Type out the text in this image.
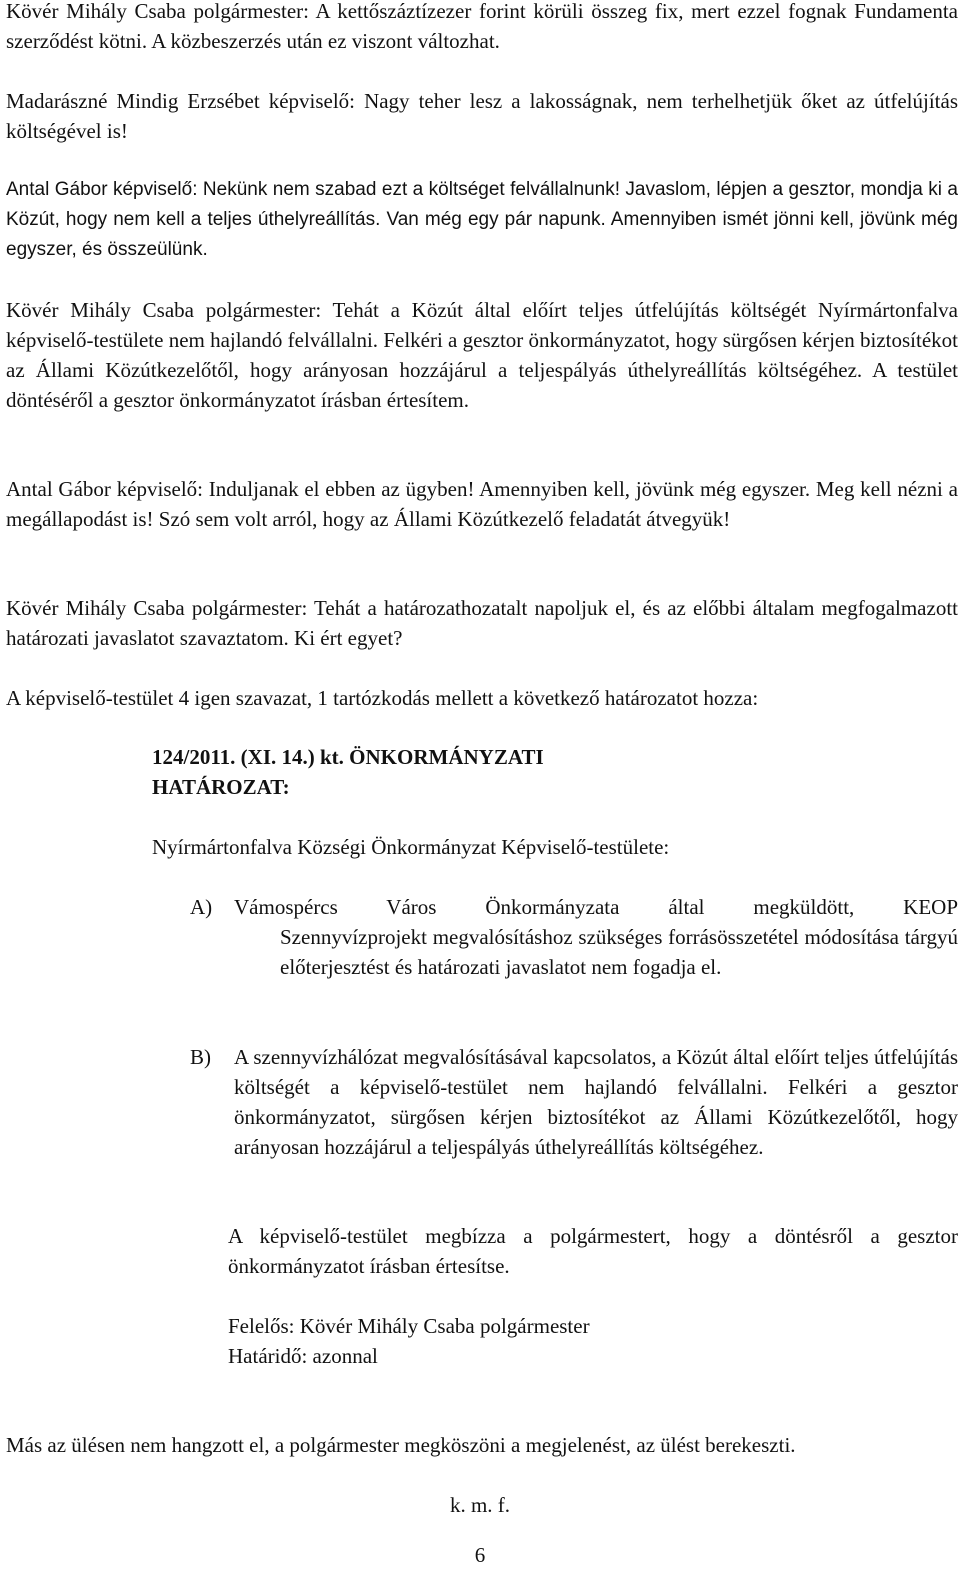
Kövér Mihály Csaba polgármester: A kettőszáztízezer forint körüli összeg fix, mert ezzel fognak Fundamenta szerződést kötni. A közbeszerzés után ez viszont változhat.

Madarászné Mindig Erzsébet képviselő: Nagy teher lesz a lakosságnak, nem terhelhetjük őket az útfelújítás költségével is!

Antal Gábor képviselő: Nekünk nem szabad ezt a költséget felvállalnunk! Javaslom, lépjen a gesztor, mondja ki a Közút, hogy nem kell a teljes úthelyreállítás. Van még egy pár napunk. Amennyiben ismét jönni kell, jövünk még egyszer, és összeülünk.

Kövér Mihály Csaba polgármester: Tehát a Közút által előírt teljes útfelújítás költségét Nyírmártonfalva képviselő-testülete nem hajlandó felvállalni. Felkéri a gesztor önkormányzatot, hogy sürgősen kérjen biztosítékot az Állami Közútkezelőtől, hogy arányosan hozzájárul a teljespályás úthelyreállítás költségéhez. A testület döntéséről a gesztor önkormányzatot írásban értesítem.

Antal Gábor képviselő: Induljanak el ebben az ügyben! Amennyiben kell, jövünk még egyszer. Meg kell nézni a megállapodást is! Szó sem volt arról, hogy az Állami Közútkezelő feladatát átvegyük!

Kövér Mihály Csaba polgármester: Tehát a határozathozatalt napoljuk el, és az előbbi általam megfogalmazott határozati javaslatot szavaztatom. Ki ért egyet?

A képviselő-testület 4 igen szavazat, 1 tartózkodás mellett a következő határozatot hozza:

124/2011. (XI. 14.) kt. ÖNKORMÁNYZATI

HATÁROZAT:

Nyírmártonfalva Községi Önkormányzat Képviselő-testülete:

A)	Vámospércs Város Önkormányzata által megküldött, KEOP
Szennyvízprojekt megvalósításhoz szükséges forrásösszetétel módosítása tárgyú előterjesztést és határozati javaslatot nem fogadja el.
B)	A szennyvízhálózat megvalósításával kapcsolatos, a Közút által előírt teljes útfelújítás költségét a képviselő-testület nem hajlandó felvállalni. Felkéri a gesztor önkormányzatot, sürgősen kérjen biztosítékot az Állami Közútkezelőtől, hogy arányosan hozzájárul a teljespályás úthelyreállítás költségéhez.

A képviselő-testület megbízza a polgármestert, hogy a döntésről a gesztor önkormányzatot írásban értesítse.

Felelős: Kövér Mihály Csaba polgármester

Határidő: azonnal

Más az ülésen nem hangzott el, a polgármester megköszöni a megjelenést, az ülést berekeszti.

k. m. f.

6
